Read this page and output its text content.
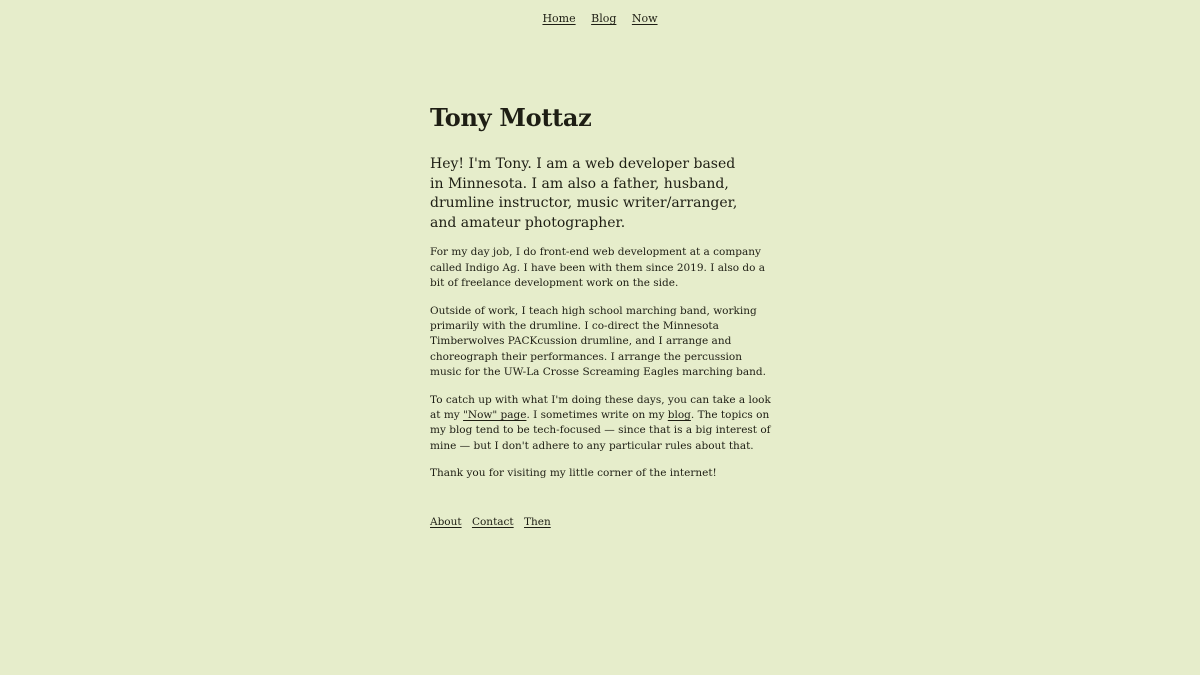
Home Blog Now
Tony Mottaz

Hey! I'm Tony. I am a web developer based in Minnesota. I am also a father, husband, drumline instructor, music writer/arranger, and amateur photographer.

For my day job, I do front-end web development at a company called Indigo Ag. I have been with them since 2019. I also do a bit of freelance development work on the side.

Outside of work, I teach high school marching band, working primarily with the drumline. I co-direct the Minnesota Timberwolves PACKcussion drumline, and I arrange and choreograph their performances. I arrange the percussion music for the UW-La Crosse Screaming Eagles marching band.

To catch up with what I'm doing these days, you can take a look at my "Now" page. I sometimes write on my blog. The topics on my blog tend to be tech-focused — since that is a big interest of mine — but I don't adhere to any particular rules about that.

Thank you for visiting my little corner of the internet!

About Contact Then
